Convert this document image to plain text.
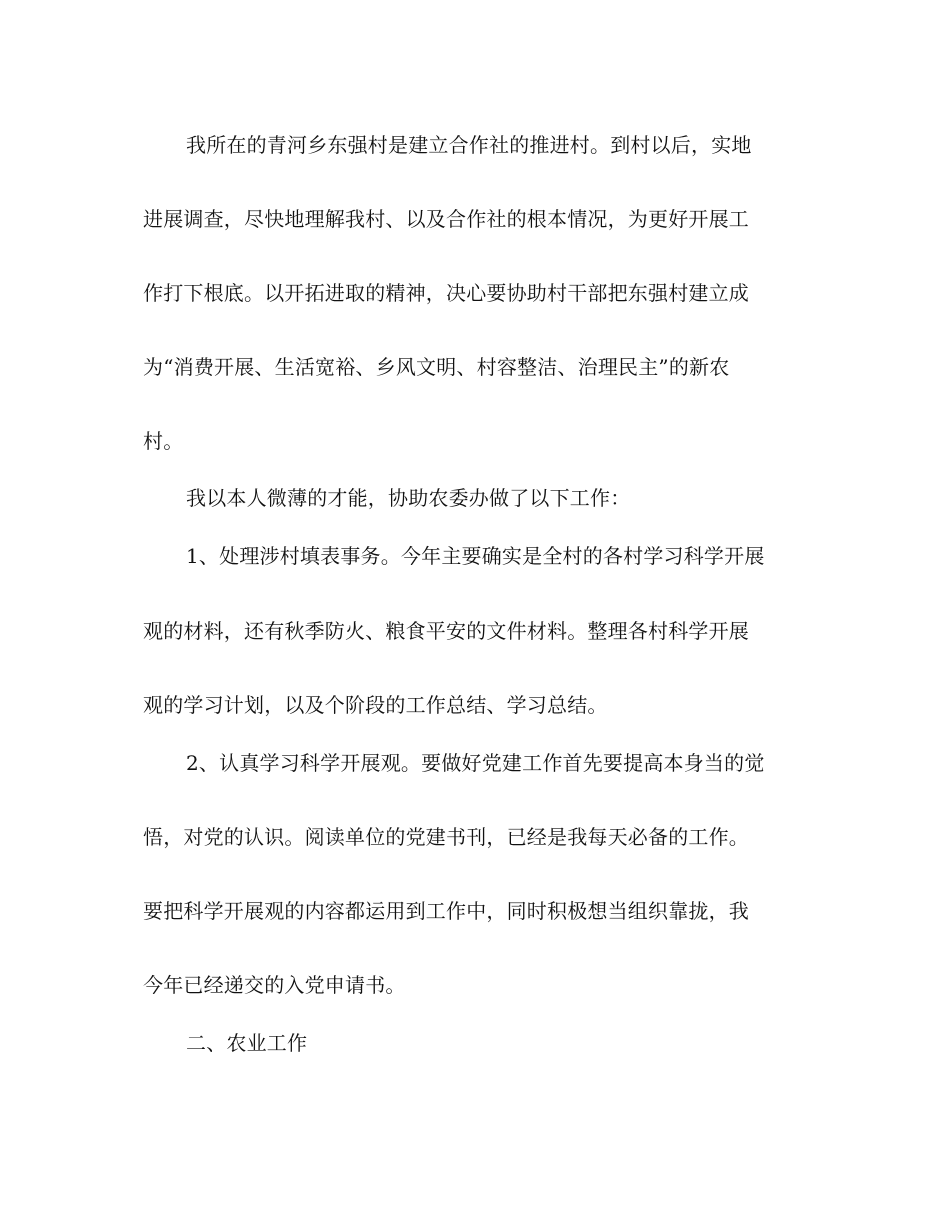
我所在的青河乡东强村是建立合作社的推进村。到村以后，实地
进展调查，尽快地理解我村、以及合作社的根本情况，为更好开展工
作打下根底。以开拓进取的精神，决心要协助村干部把东强村建立成
为“消费开展、生活宽裕、乡风文明、村容整洁、治理民主”的新农
村。
我以本人微薄的才能，协助农委办做了以下工作：
1、处理涉村填表事务。今年主要确实是全村的各村学习科学开展
观的材料，还有秋季防火、粮食平安的文件材料。整理各村科学开展
观的学习计划，以及个阶段的工作总结、学习总结。
2、认真学习科学开展观。要做好党建工作首先要提高本身当的觉
悟，对党的认识。阅读单位的党建书刊，已经是我每天必备的工作。
要把科学开展观的内容都运用到工作中，同时积极想当组织靠拢，我
今年已经递交的入党申请书。
二、农业工作
